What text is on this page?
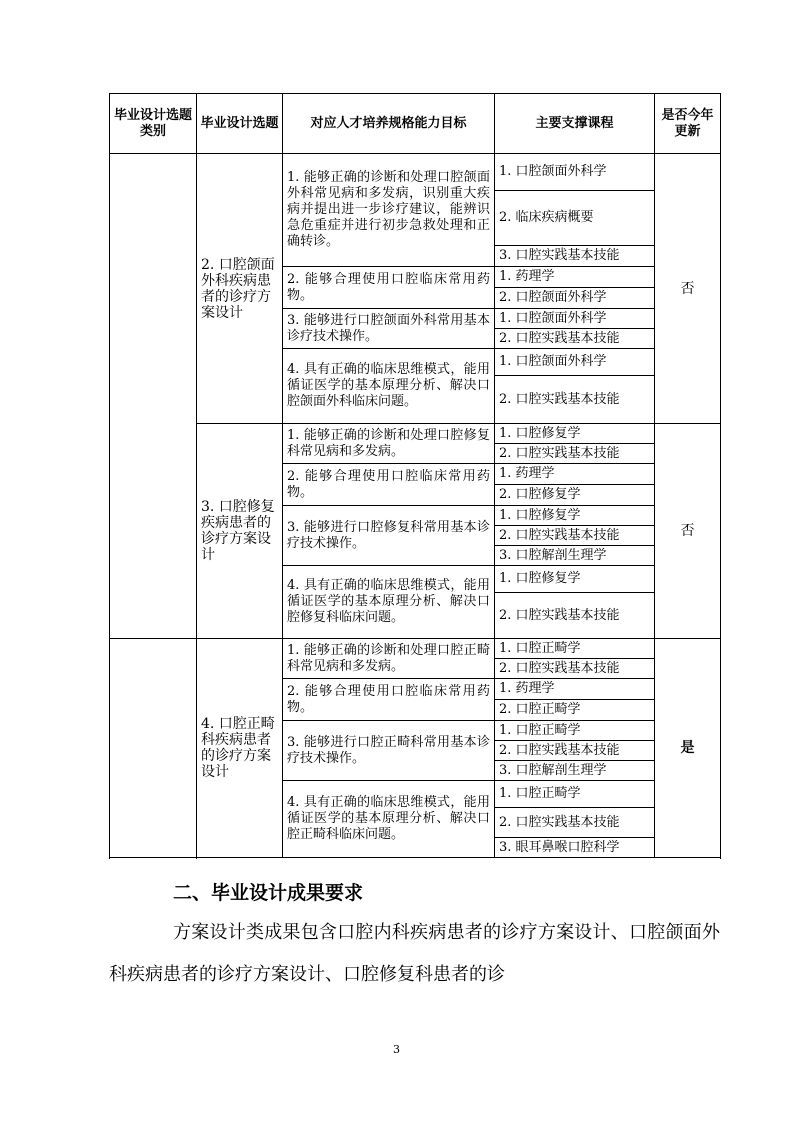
毕业设计选题类别	毕业设计选题	对应人才培养规格能力目标	主要支撑课程	是否今年更新
	2. 口腔颌面外科疾病患者的诊疗方案设计	1. 能够正确的诊断和处理口腔颌面外科常见病和多发病，识别重大疾病并提出进一步诊疗建议，能辨识急危重症并进行初步急救处理和正确转诊。	1. 口腔颌面外科学	否
			2. 临床疾病概要	
			3. 口腔实践基本技能	
		2. 能够合理使用口腔临床常用药物。	1. 药理学	
			2. 口腔颌面外科学	
		3. 能够进行口腔颌面外科常用基本诊疗技术操作。	1. 口腔颌面外科学	
			2. 口腔实践基本技能	
		4. 具有正确的临床思维模式，能用循证医学的基本原理分析、解决口腔颌面外科临床问题。	1. 口腔颌面外科学	
			2. 口腔实践基本技能	
	3. 口腔修复疾病患者的诊疗方案设计	1. 能够正确的诊断和处理口腔修复科常见病和多发病。	1. 口腔修复学	否
			2. 口腔实践基本技能	
		2. 能够合理使用口腔临床常用药物。	1. 药理学	
			2. 口腔修复学	
		3. 能够进行口腔修复科常用基本诊疗技术操作。	1. 口腔修复学	
			2. 口腔实践基本技能	
			3. 口腔解剖生理学	
		4. 具有正确的临床思维模式，能用循证医学的基本原理分析、解决口腔修复科临床问题。	1. 口腔修复学	
			2. 口腔实践基本技能	
	4. 口腔正畸科疾病患者的诊疗方案设计	1. 能够正确的诊断和处理口腔正畸科常见病和多发病。	1. 口腔正畸学	是
			2. 口腔实践基本技能	
		2. 能够合理使用口腔临床常用药物。	1. 药理学	
			2. 口腔正畸学	
		3. 能够进行口腔正畸科常用基本诊疗技术操作。	1. 口腔正畸学	
			2. 口腔实践基本技能	
			3. 口腔解剖生理学	
		4. 具有正确的临床思维模式，能用循证医学的基本原理分析、解决口腔正畸科临床问题。	1. 口腔正畸学	
			2. 口腔实践基本技能	
			3. 眼耳鼻喉口腔科学	

二、毕业设计成果要求

方案设计类成果包含口腔内科疾病患者的诊疗方案设计、口腔颌面外科疾病患者的诊疗方案设计、口腔修复科患者的诊

3
